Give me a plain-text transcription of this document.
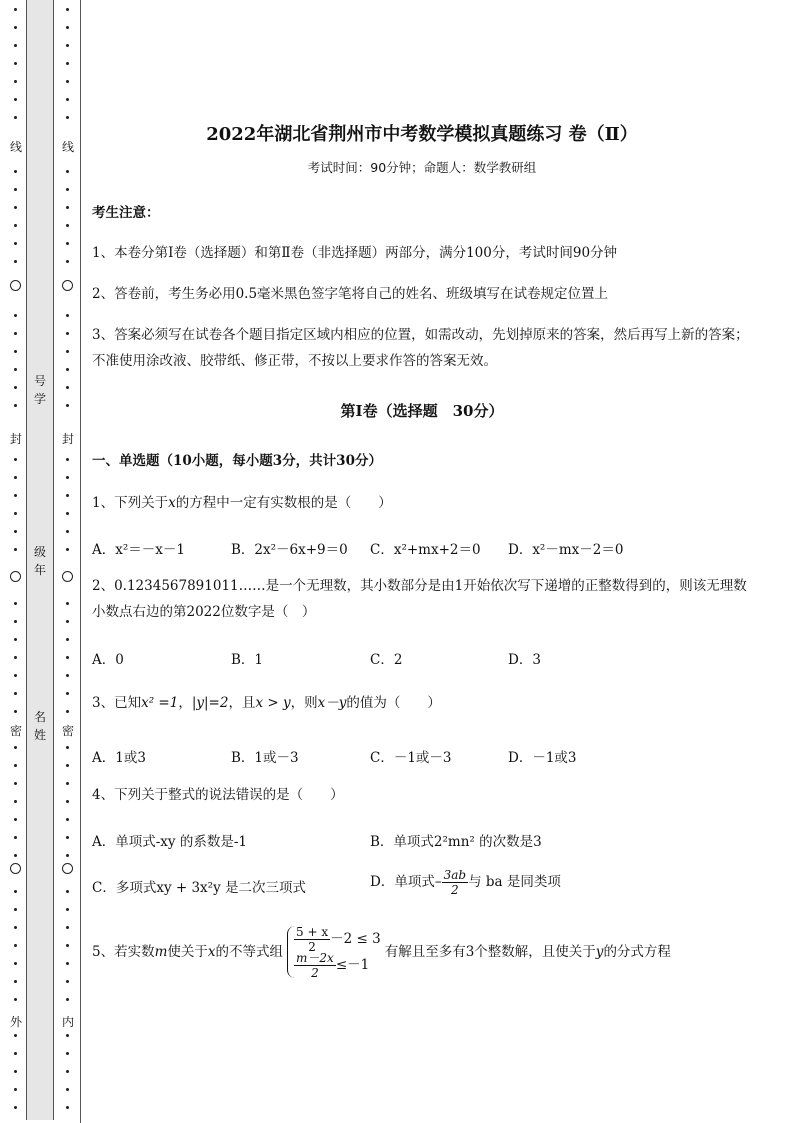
线
封
密
外
号学
级年
名姓
线
封
密
内
2022年湖北省荆州市中考数学模拟真题练习 卷（Ⅱ）
考试时间：90分钟；命题人：数学教研组
考生注意：
1、本卷分第Ⅰ卷（选择题）和第Ⅱ卷（非选择题）两部分，满分100分，考试时间90分钟
2、答卷前，考生务必用0.5毫米黑色签字笔将自己的姓名、班级填写在试卷规定位置上
3、答案必须写在试卷各个题目指定区域内相应的位置，如需改动，先划掉原来的答案，然后再写上新的答案；不准使用涂改液、胶带纸、修正带，不按以上要求作答的答案无效。
第Ⅰ卷（选择题　30分）
一、单选题（10小题，每小题3分，共计30分）
1、下列关于x的方程中一定有实数根的是（　　）
A．x²＝－x－1	B．2x²－6x+9＝0 C．x²+mx+2＝0 D．x²－mx－2＝0
2、0.1234567891011……是一个无理数，其小数部分是由1开始依次写下递增的正整数得到的，则该无理数小数点右边的第2022位数字是（　）
A．0	B．1	C．2	D．3
3、已知x² =1，|y|=2，且x > y，则x－y的值为（　　）
A．1或3	B．1或－3	C．－1或－3	D．－1或3
4、下列关于整式的说法错误的是（　　）
A．单项式-xy 的系数是-1	B．单项式2²mn² 的次数是3
C．多项式xy + 3x²y 是二次三项式	D．单项式– $\frac{3ab}{2}$ 与 ba 是同类项
5、若实数 m 使关于 x 的不等式组 $\frac{5 + x}{2} -2 \le 3$
$\frac{m-2x}{2} \le-1$
有解且至多有3个整数解，且使关于 y 的分式方程
